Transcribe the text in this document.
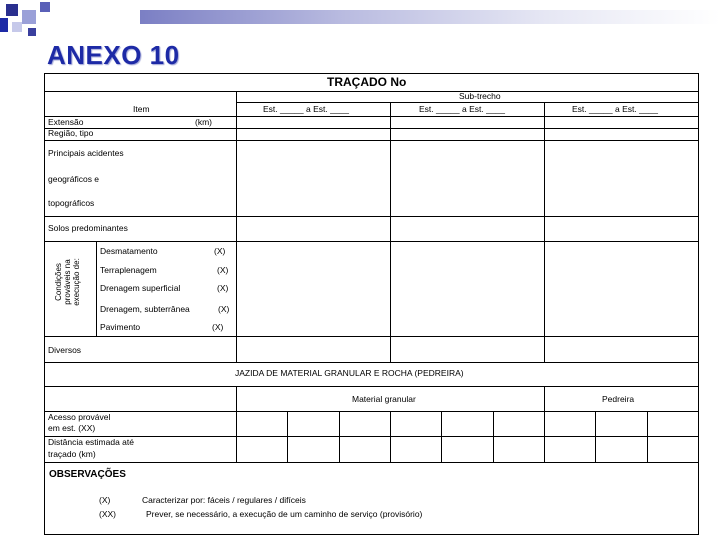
ANEXO 10
TRAÇADO No
Sub-trecho
Item	Est. _____ a Est. ____	Est. _____ a Est. ____	Est. _____ a Est. ____
Extensão	(km)
Região, tipo
Principais acidentes
geográficos e
topográficos
Solos predominantes
Condições prováveis na execução de:
Desmatamento	(X)
Terraplenagem	(X)
Drenagem superficial	(X)
Drenagem, subterrânea	(X)
Pavimento	(X)
Diversos
JAZIDA DE MATERIAL GRANULAR E ROCHA (PEDREIRA)
Material granular	Pedreira
Acesso provável
em est. (XX)
Distância estimada até
traçado (km)
OBSERVAÇÕES
(X)	Caracterizar por: fáceis / regulares / difíceis
(XX)	Prever, se necessário, a execução de um caminho de serviço (provisório)
